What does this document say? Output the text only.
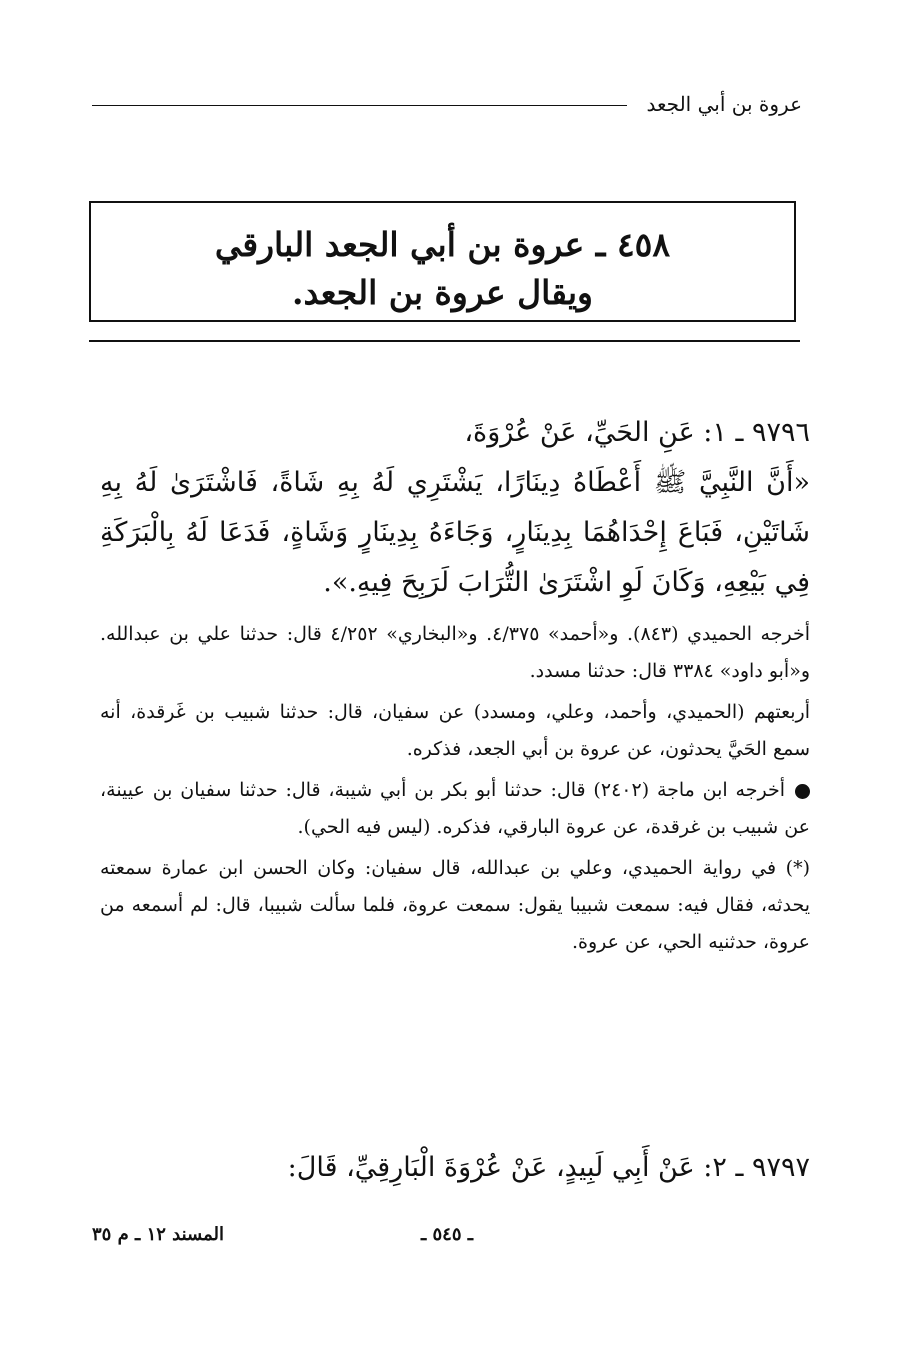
عروة بن أبي الجعد
٤٥٨ ـ عروة بن أبي الجعد البارقي
ويقال عروة بن الجعد.

٩٧٩٦ ـ ١: عَنِ الحَيِّ، عَنْ عُرْوَةَ،

«أَنَّ النَّبِيَّ ﷺ أَعْطَاهُ دِينَارًا، يَشْتَرِي لَهُ بِهِ شَاةً، فَاشْتَرَىٰ لَهُ بِهِ شَاتَيْنِ، فَبَاعَ إِحْدَاهُمَا بِدِينَارٍ، وَجَاءَهُ بِدِينَارٍ وَشَاةٍ، فَدَعَا لَهُ بِالْبَرَكَةِ فِي بَيْعِهِ، وَكَانَ لَوِ اشْتَرَىٰ التُّرَابَ لَرَبِحَ فِيهِ.».

أخرجه الحميدي (٨٤٣). و«أحمد» ٤/٣٧٥. و«البخاري» ٤/٢٥٢ قال: حدثنا علي بن عبدالله. و«أبو داود» ٣٣٨٤ قال: حدثنا مسدد.

أربعتهم (الحميدي، وأحمد، وعلي، ومسدد) عن سفيان، قال: حدثنا شبيب بن غَرقدة، أنه سمع الحَيَّ يحدثون، عن عروة بن أبي الجعد، فذكره.

أخرجه ابن ماجة (٢٤٠٢) قال: حدثنا أبو بكر بن أبي شيبة، قال: حدثنا سفيان بن عيينة، عن شبيب بن غرقدة، عن عروة البارقي، فذكره. (ليس فيه الحي).

(*) في رواية الحميدي، وعلي بن عبدالله، قال سفيان: وكان الحسن ابن عمارة سمعته يحدثه، فقال فيه: سمعت شبيبا يقول: سمعت عروة، فلما سألت شبيبا، قال: لم أسمعه من عروة، حدثنيه الحي، عن عروة.

٩٧٩٧ ـ ٢: عَنْ أَبِي لَبِيدٍ، عَنْ عُرْوَةَ الْبَارِقِيِّ، قَالَ:
ـ ٥٤٥ ـ
المسند ١٢ ـ م ٣٥
